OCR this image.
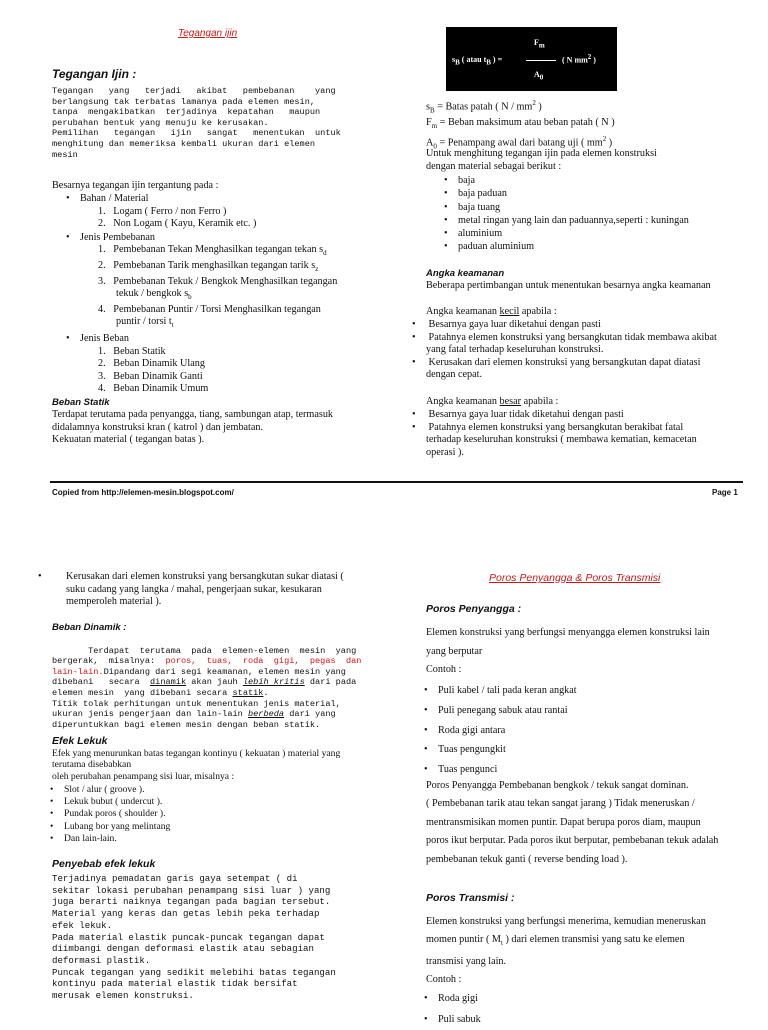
Tegangan ijin
Tegangan Ijin :
Tegangan   yang   terjadi   akibat   pembebanan    yang
berlangsung tak terbatas lamanya pada elemen mesin,
tanpa  mengakibatkan  terjadinya  kepatahan   maupun
perubahan bentuk yang menuju ke kerusakan.
Pemilihan   tegangan   ijin   sangat   menentukan  untuk
menghitung dan memeriksa kembali ukuran dari elemen
mesin
Besarnya tegangan ijin tergantung pada :
• Bahan / Material
1.   Logam ( Ferro / non Ferro )
2.   Non Logam ( Kayu, Keramik etc. )
• Jenis Pembebanan
1.   Pembebanan Tekan Menghasilkan tegangan tekan $s_d$
2.   Pembebanan Tarik menghasilkan tegangan tarik $s_z$
3.   Pembebanan Tekuk / Bengkok Menghasilkan tegangan
tekuk / bengkok $s_b$
4.   Pembebanan Puntir / Torsi Menghasilkan tegangan
puntir / torsi $t_t$
• Jenis Beban
1.   Beban Statik
2.   Beban Dinamik Ulang
3.   Beban Dinamik Ganti
4.   Beban Dinamik Umum
Beban Statik
Terdapat terutama pada penyangga, tiang, sambungan atap, termasuk
didalamnya konstruksi kran ( katrol ) dan jembatan.
Kekuatan material ( tegangan batas ).
$s_B$ ( atau $t_B$ ) =
$F_m$
$A_0$
( N $mm^2$ )
$s_B$ = Batas patah ( N / $mm^2$ )
$F_m$ = Beban maksimum atau beban patah ( N )
$A_0$ = Penampang awal dari batang uji ( $mm^2$ )
Untuk menghitung tegangan ijin pada elemen konstruksi
dengan material sebagai berikut :
• baja
• baja paduan
• baja tuang
• metal ringan yang lain dan paduannya,seperti : kuningan
• aluminium
• paduan aluminium
Angka keamanan
Beberapa pertimbangan untuk menentukan besarnya angka keamanan
Angka keamanan kecil apabila :
• Besarnya gaya luar diketahui dengan pasti
• Patahnya elemen konstruksi yang bersangkutan tidak membawa akibat
yang fatal terhadap keseluruhan konstruksi.
• Kerusakan dari elemen konstruksi yang bersangkutan dapat diatasi
dengan cepat.
Angka keamanan besar apabila :
• Besarnya gaya luar tidak diketahui dengan pasti
• Patahnya elemen konstruksi yang bersangkutan berakibat fatal
terhadap keseluruhan konstruksi ( membawa kematian, kemacetan
operasi ).
Copied from http://elemen-mesin.blogspot.com/	Page 1
• Kerusakan dari elemen konstruksi yang bersangkutan sukar diatasi (
suku cadang yang langka / mahal, pengerjaan sukar, kesukaran
memperoleh material ).
Beban Dinamik :

Terdapat  terutama  pada  elemen-elemen  mesin  yang
bergerak,  misalnya:  poros,  tuas,  roda  gigi,  pegas  dan
lain-lain.Dipandang dari segi keamanan, elemen mesin yang
dibebani   secara  dinamik akan jauh lebih kritis dari pada
elemen mesin  yang dibebani secara statik.
Titik tolak perhitungan untuk menentukan jenis material,
ukuran jenis pengerjaan dan lain-lain berbeda dari yang
diperuntukkan bagi elemen mesin dengan beban statik.
Efek Lekuk
Efek yang menurunkan batas tegangan kontinyu ( kekuatan ) material yang
terutama disebabkan
oleh perubahan penampang sisi luar, misalnya :
• Slot / alur ( groove ).
• Lekuk bubut ( undercut ).
• Pundak poros ( shoulder ).
• Lubang bor yang melintang
• Dan lain-lain.
Penyebab efek lekuk
Terjadinya pemadatan garis gaya setempat ( di
sekitar lokasi perubahan penampang sisi luar ) yang
juga berarti naiknya tegangan pada bagian tersebut.
Material yang keras dan getas lebih peka terhadap
efek lekuk.
Pada material elastik puncak-puncak tegangan dapat
diimbangi dengan deformasi elastik atau sebagian
deformasi plastik.
Puncak tegangan yang sedikit melebihi batas tegangan
kontinyu pada material elastik tidak bersifat
merusak elemen konstruksi.
Poros Penyangga & Poros Transmisi
Poros Penyangga :
Elemen konstruksi yang berfungsi menyangga elemen konstruksi lain
yang berputar
Contoh :
• Puli kabel / tali pada keran angkat
• Puli penegang sabuk atau rantai
• Roda gigi antara
• Tuas pengungkit
• Tuas pengunci
Poros Penyangga Pembebanan bengkok / tekuk sangat dominan.
( Pembebanan tarik atau tekan sangat jarang ) Tidak meneruskan /
mentransmisikan momen puntir. Dapat berupa poros diam, maupun
poros ikut berputar. Pada poros ikut berputar, pembebanan tekuk adalah
pembebanan tekuk ganti ( reverse bending load ).
Poros Transmisi :
Elemen konstruksi yang berfungsi menerima, kemudian meneruskan
momen puntir ( $M_t$ ) dari elemen transmisi yang satu ke elemen
transmisi yang lain.
Contoh :
• Roda gigi
• Puli sabuk
